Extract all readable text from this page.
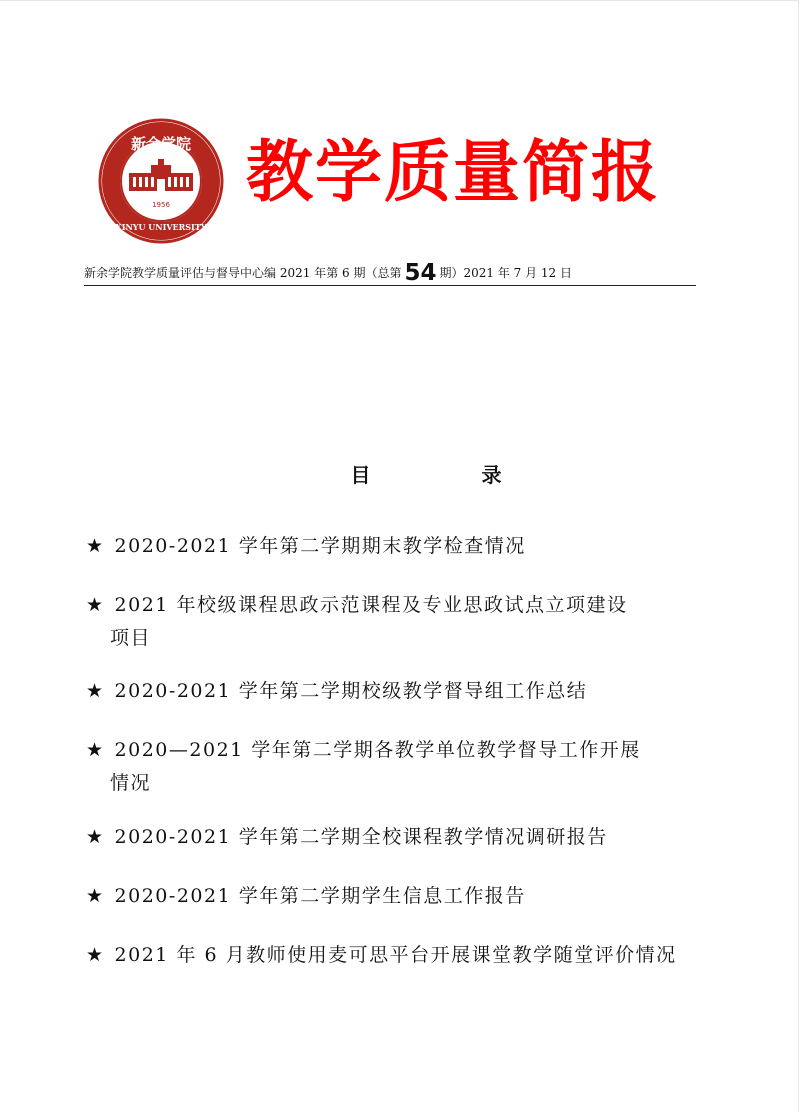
新余学院
1956
XINYU UNIVERSITY
教学质量简报
新余学院教学质量评估与督导中心编 2021 年第 6 期（总第 54 期）2021 年 7 月 12 日
目 录
★ 2020-2021 学年第二学期期末教学检查情况
★ 2021 年校级课程思政示范课程及专业思政试点立项建设
项目
★ 2020-2021 学年第二学期校级教学督导组工作总结
★ 2020—2021 学年第二学期各教学单位教学督导工作开展
情况
★ 2020-2021 学年第二学期全校课程教学情况调研报告
★ 2020-2021 学年第二学期学生信息工作报告
★ 2021 年 6 月教师使用麦可思平台开展课堂教学随堂评价情况
